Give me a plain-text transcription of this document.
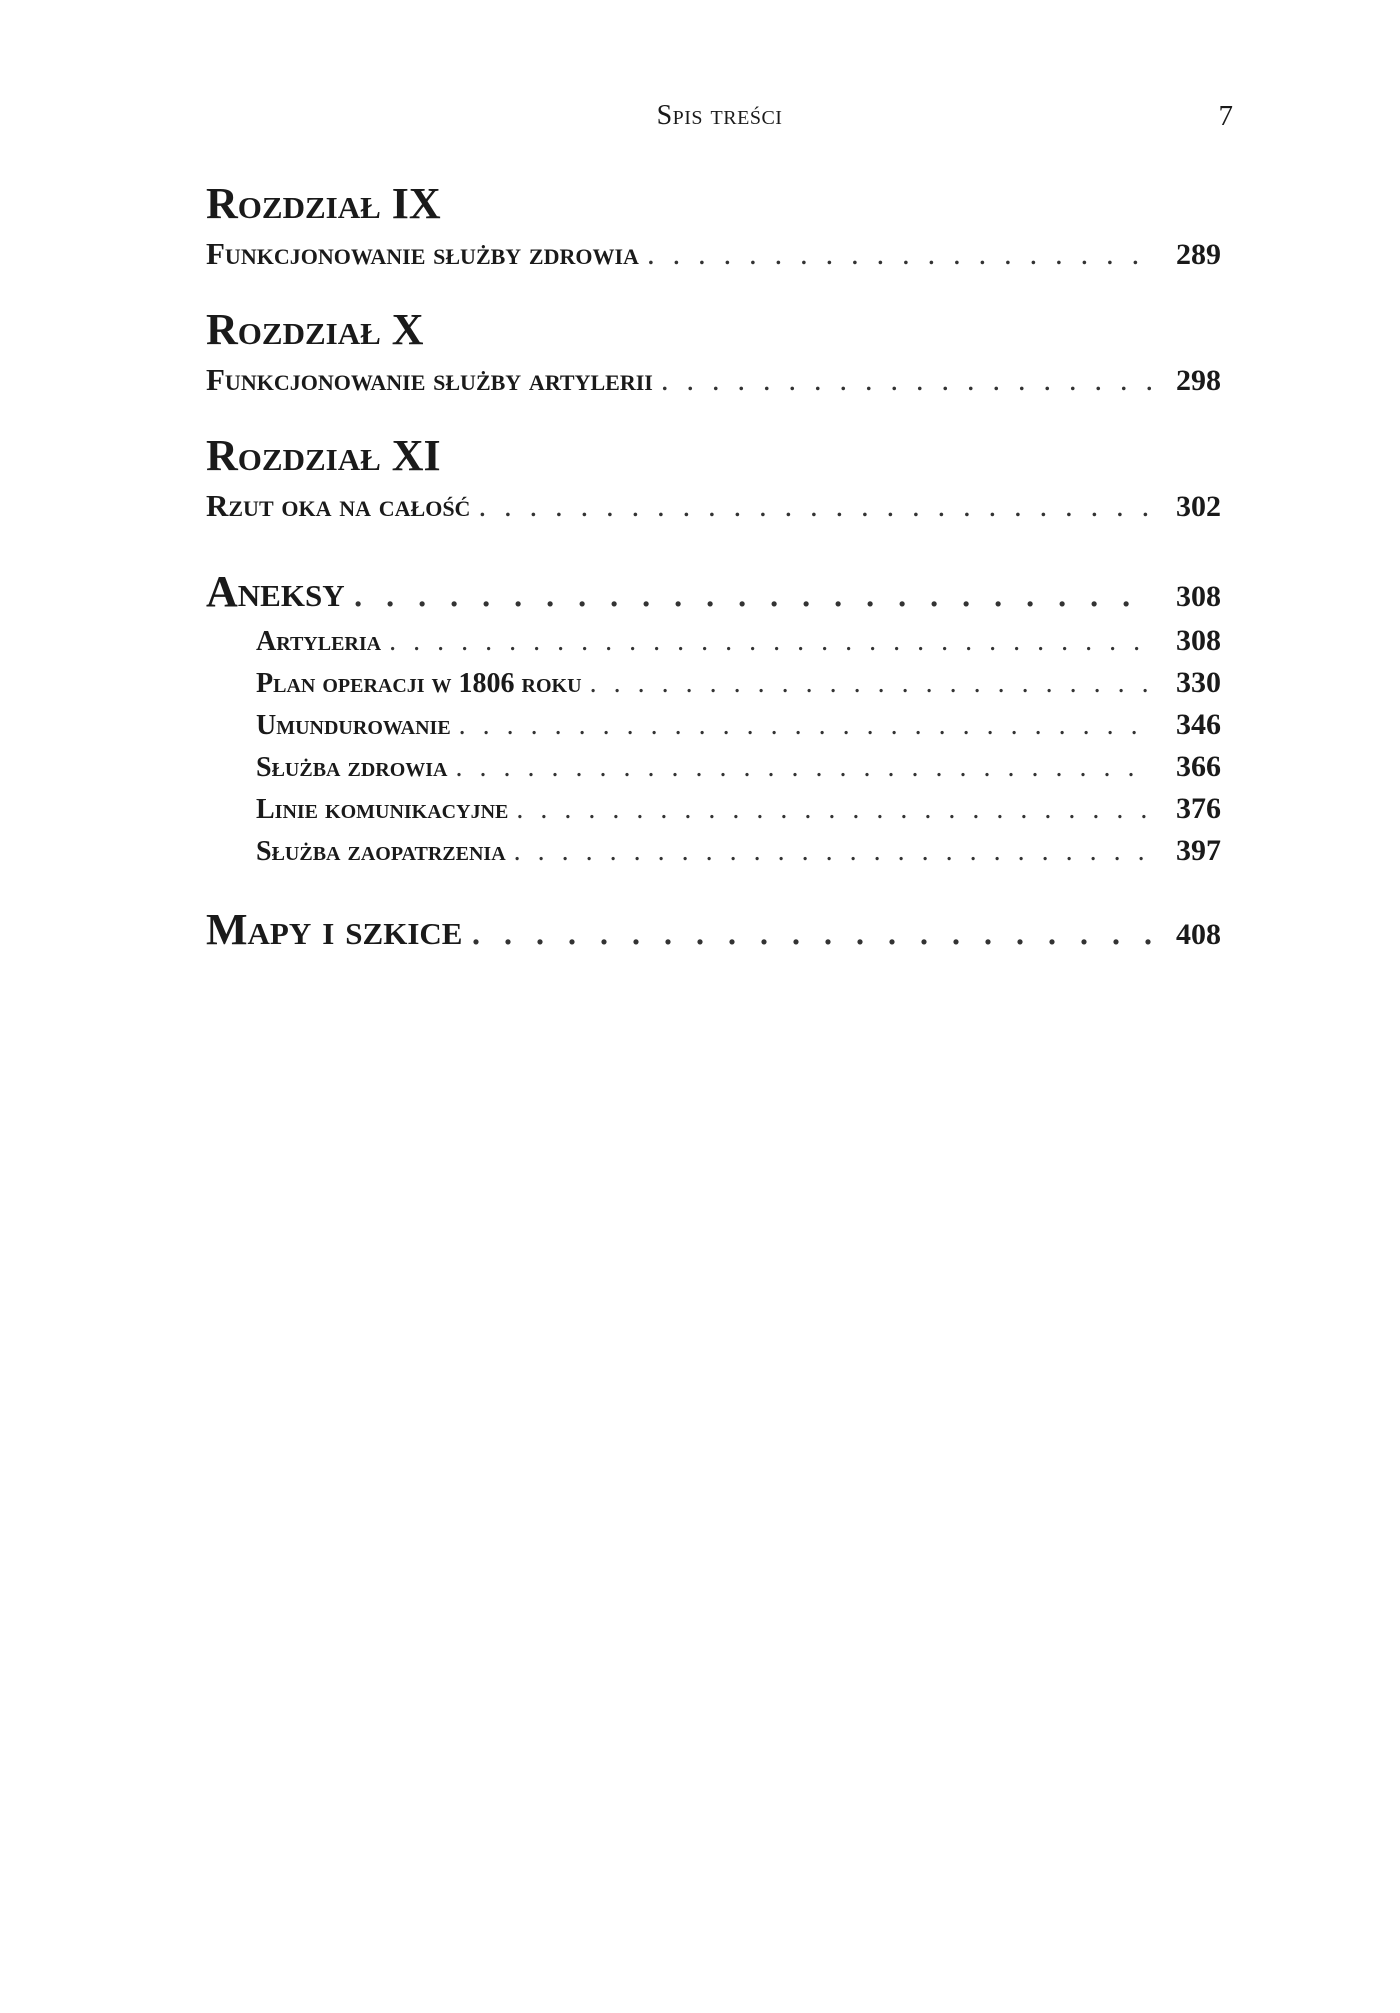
Spis treści	7
Rozdział IX
Funkcjonowanie służby zdrowia . . .	289
Rozdział X
Funkcjonowanie służby artylerii . . .	298
Rozdział XI
Rzut oka na całość . . .	302
Aneksy . . .	308
Artyleria . . .	308
Plan operacji w 1806 roku . . .	330
Umundurowanie . . .	346
Służba zdrowia . . .	366
Linie komunikacyjne . . .	376
Służba zaopatrzenia . . .	397
Mapy i szkice . . .	408
